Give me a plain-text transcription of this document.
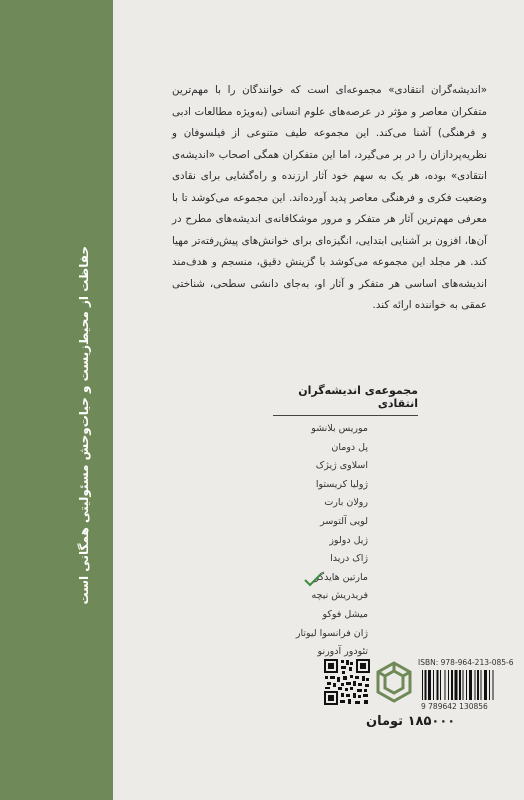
حفاظت از محیط‌زیست و حیات‌وحش مسئولیتی همگانی است

«اندیشه‌گران انتقادی» مجموعه‌ای است که خوانندگان را با مهم‌ترین متفکران معاصر و مؤثر در عرصه‌های علوم انسانی (به‌ویژه مطالعات ادبی و فرهنگی) آشنا می‌کند. این مجموعه طیف متنوعی از فیلسوفان و نظریه‌پردازان را در بر می‌گیرد، اما این متفکران همگی اصحاب «اندیشه‌ی انتقادی» بوده، هر یک به سهم خود آثار ارزنده و راه‌گشایی برای نقادی وضعیت فکری و فرهنگی معاصر پدید آورده‌اند. این مجموعه می‌کوشد تا با معرفی مهم‌ترین آثار هر متفکر و مرور موشکافانه‌ی اندیشه‌های مطرح در آن‌ها، افزون بر آشنایی ابتدایی، انگیزه‌ای برای خوانش‌های پیش‌رفته‌تر مهیا کند. هر مجلد این مجموعه می‌کوشد با گزینش دقیق، منسجم و هدف‌مند اندیشه‌های اساسی هر متفکر و آثار او، به‌جای دانشی سطحی، شناختی عمقی به خواننده ارائه کند.

مجموعه‌ی اندیشه‌گران انتقادی
موریس بلانشو
پل دومان
اسلاوی ژیژک
ژولیا کریستوا
رولان بارت
لویی آلتوسر
ژیل دولوز
ژاک دریدا
مارتین هایدگر
فریدریش نیچه
میشل فوکو
ژان فرانسوا لیوتار
تئودور آدورنو
ISBN: 978-964-213-085-6
9 789642 130856
۱۸۵۰۰۰ تومان
